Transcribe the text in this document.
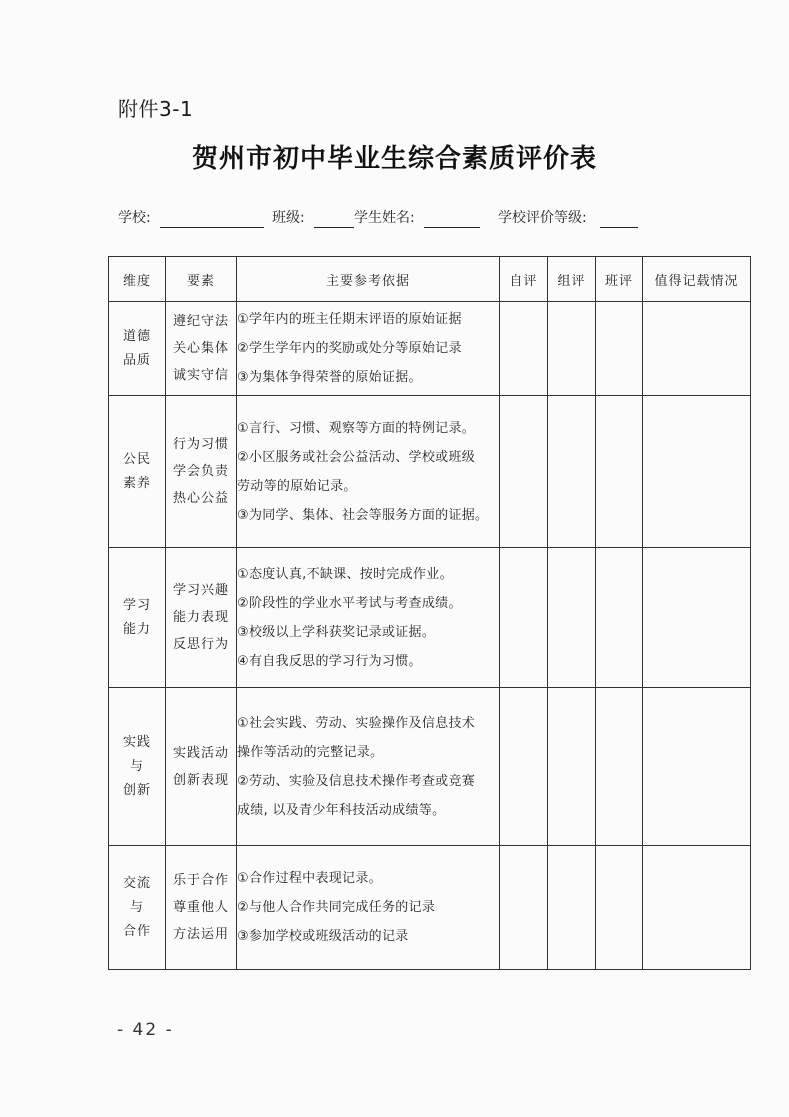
附件3-1
贺州市初中毕业生综合素质评价表
学校:	班级:	学生姓名:	学校评价等级:
维度	要素	主要参考依据	自评	组评	班评	值得记载情况

道德
品质	遵纪守法
关心集体
诚实守信	①学年内的班主任期末评语的原始证据
②学生学年内的奖励或处分等原始记录
③为集体争得荣誉的原始证据。				

公民
素养	行为习惯
学会负责
热心公益	①言行、习惯、观察等方面的特例记录。
②小区服务或社会公益活动、学校或班级
劳动等的原始记录。
③为同学、集体、社会等服务方面的证据。				

学习
能力	学习兴趣
能力表现
反思行为	①态度认真,不缺课、按时完成作业。
②阶段性的学业水平考试与考查成绩。
③校级以上学科获奖记录或证据。
④有自我反思的学习行为习惯。				

实践
与
创新	实践活动
创新表现	①社会实践、劳动、实验操作及信息技术
操作等活动的完整记录。
②劳动、实验及信息技术操作考查或竞赛
成绩, 以及青少年科技活动成绩等。				

交流
与
合作	乐于合作
尊重他人
方法运用	①合作过程中表现记录。
②与他人合作共同完成任务的记录
③参加学校或班级活动的记录				

- 42 -
